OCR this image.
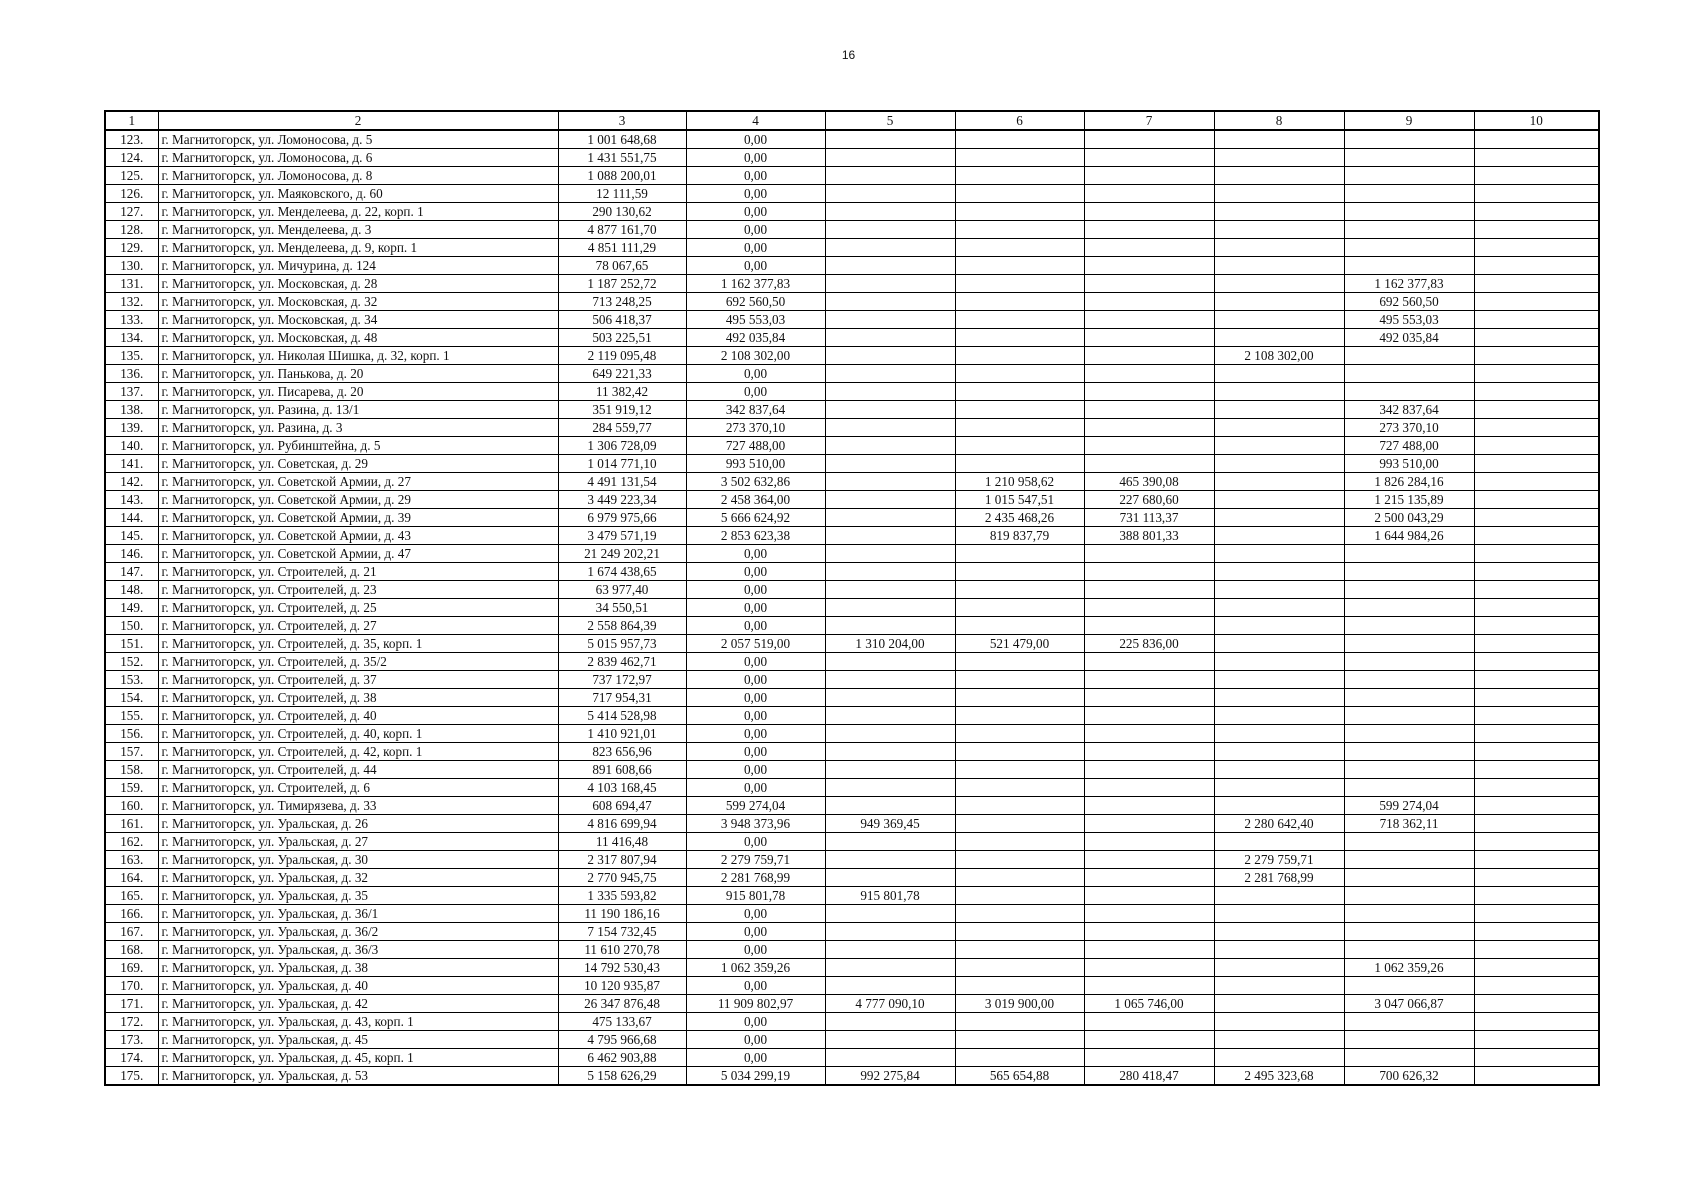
16
1	2	3	4	5	6	7	8	9	10
123.	г. Магнитогорск, ул. Ломоносова, д. 5	1 001 648,68	0,00						
124.	г. Магнитогорск, ул. Ломоносова, д. 6	1 431 551,75	0,00						
125.	г. Магнитогорск, ул. Ломоносова, д. 8	1 088 200,01	0,00						
126.	г. Магнитогорск, ул. Маяковского, д. 60	12 111,59	0,00						
127.	г. Магнитогорск, ул. Менделеева, д. 22, корп. 1	290 130,62	0,00						
128.	г. Магнитогорск, ул. Менделеева, д. 3	4 877 161,70	0,00						
129.	г. Магнитогорск, ул. Менделеева, д. 9, корп. 1	4 851 111,29	0,00						
130.	г. Магнитогорск, ул. Мичурина, д. 124	78 067,65	0,00						
131.	г. Магнитогорск, ул. Московская, д. 28	1 187 252,72	1 162 377,83					1 162 377,83	
132.	г. Магнитогорск, ул. Московская, д. 32	713 248,25	692 560,50					692 560,50	
133.	г. Магнитогорск, ул. Московская, д. 34	506 418,37	495 553,03					495 553,03	
134.	г. Магнитогорск, ул. Московская, д. 48	503 225,51	492 035,84					492 035,84	
135.	г. Магнитогорск, ул. Николая Шишка, д. 32, корп. 1	2 119 095,48	2 108 302,00				2 108 302,00		
136.	г. Магнитогорск, ул. Панькова, д. 20	649 221,33	0,00						
137.	г. Магнитогорск, ул. Писарева, д. 20	11 382,42	0,00						
138.	г. Магнитогорск, ул. Разина, д. 13/1	351 919,12	342 837,64					342 837,64	
139.	г. Магнитогорск, ул. Разина, д. 3	284 559,77	273 370,10					273 370,10	
140.	г. Магнитогорск, ул. Рубинштейна, д. 5	1 306 728,09	727 488,00					727 488,00	
141.	г. Магнитогорск, ул. Советская, д. 29	1 014 771,10	993 510,00					993 510,00	
142.	г. Магнитогорск, ул. Советской Армии, д. 27	4 491 131,54	3 502 632,86		1 210 958,62	465 390,08		1 826 284,16	
143.	г. Магнитогорск, ул. Советской Армии, д. 29	3 449 223,34	2 458 364,00		1 015 547,51	227 680,60		1 215 135,89	
144.	г. Магнитогорск, ул. Советской Армии, д. 39	6 979 975,66	5 666 624,92		2 435 468,26	731 113,37		2 500 043,29	
145.	г. Магнитогорск, ул. Советской Армии, д. 43	3 479 571,19	2 853 623,38		819 837,79	388 801,33		1 644 984,26	
146.	г. Магнитогорск, ул. Советской Армии, д. 47	21 249 202,21	0,00						
147.	г. Магнитогорск, ул. Строителей, д. 21	1 674 438,65	0,00						
148.	г. Магнитогорск, ул. Строителей, д. 23	63 977,40	0,00						
149.	г. Магнитогорск, ул. Строителей, д. 25	34 550,51	0,00						
150.	г. Магнитогорск, ул. Строителей, д. 27	2 558 864,39	0,00						
151.	г. Магнитогорск, ул. Строителей, д. 35, корп. 1	5 015 957,73	2 057 519,00	1 310 204,00	521 479,00	225 836,00			
152.	г. Магнитогорск, ул. Строителей, д. 35/2	2 839 462,71	0,00						
153.	г. Магнитогорск, ул. Строителей, д. 37	737 172,97	0,00						
154.	г. Магнитогорск, ул. Строителей, д. 38	717 954,31	0,00						
155.	г. Магнитогорск, ул. Строителей, д. 40	5 414 528,98	0,00						
156.	г. Магнитогорск, ул. Строителей, д. 40, корп. 1	1 410 921,01	0,00						
157.	г. Магнитогорск, ул. Строителей, д. 42, корп. 1	823 656,96	0,00						
158.	г. Магнитогорск, ул. Строителей, д. 44	891 608,66	0,00						
159.	г. Магнитогорск, ул. Строителей, д. 6	4 103 168,45	0,00						
160.	г. Магнитогорск, ул. Тимирязева, д. 33	608 694,47	599 274,04					599 274,04	
161.	г. Магнитогорск, ул. Уральская, д. 26	4 816 699,94	3 948 373,96	949 369,45			2 280 642,40	718 362,11	
162.	г. Магнитогорск, ул. Уральская, д. 27	11 416,48	0,00						
163.	г. Магнитогорск, ул. Уральская, д. 30	2 317 807,94	2 279 759,71				2 279 759,71		
164.	г. Магнитогорск, ул. Уральская, д. 32	2 770 945,75	2 281 768,99				2 281 768,99		
165.	г. Магнитогорск, ул. Уральская, д. 35	1 335 593,82	915 801,78	915 801,78					
166.	г. Магнитогорск, ул. Уральская, д. 36/1	11 190 186,16	0,00						
167.	г. Магнитогорск, ул. Уральская, д. 36/2	7 154 732,45	0,00						
168.	г. Магнитогорск, ул. Уральская, д. 36/3	11 610 270,78	0,00						
169.	г. Магнитогорск, ул. Уральская, д. 38	14 792 530,43	1 062 359,26					1 062 359,26	
170.	г. Магнитогорск, ул. Уральская, д. 40	10 120 935,87	0,00						
171.	г. Магнитогорск, ул. Уральская, д. 42	26 347 876,48	11 909 802,97	4 777 090,10	3 019 900,00	1 065 746,00		3 047 066,87	
172.	г. Магнитогорск, ул. Уральская, д. 43, корп. 1	475 133,67	0,00						
173.	г. Магнитогорск, ул. Уральская, д. 45	4 795 966,68	0,00						
174.	г. Магнитогорск, ул. Уральская, д. 45, корп. 1	6 462 903,88	0,00						
175.	г. Магнитогорск, ул. Уральская, д. 53	5 158 626,29	5 034 299,19	992 275,84	565 654,88	280 418,47	2 495 323,68	700 626,32	
